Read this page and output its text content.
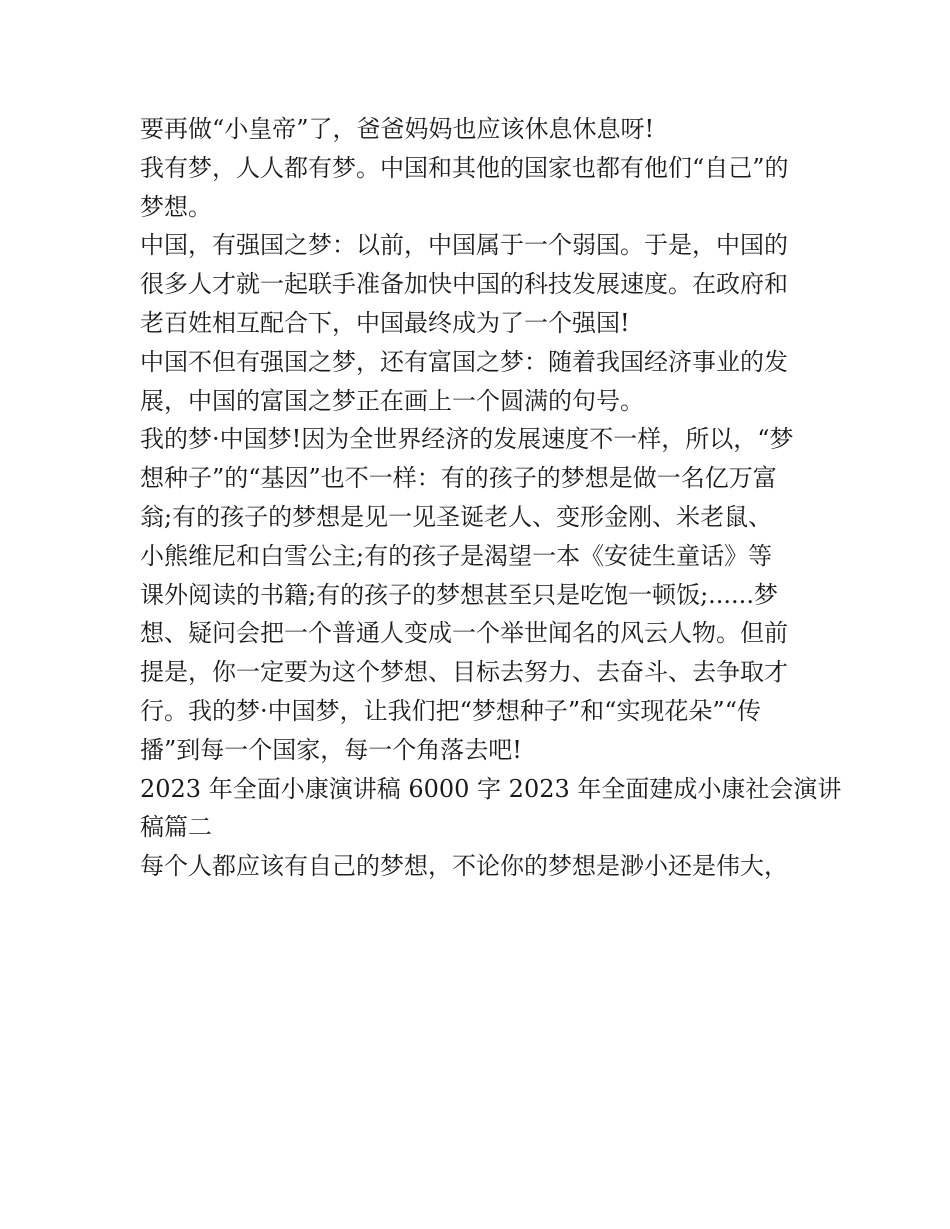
要再做“小皇帝”了，爸爸妈妈也应该休息休息呀!
我有梦，人人都有梦。中国和其他的国家也都有他们“自己”的
梦想。
中国，有强国之梦：以前，中国属于一个弱国。于是，中国的
很多人才就一起联手准备加快中国的科技发展速度。在政府和
老百姓相互配合下，中国最终成为了一个强国!
中国不但有强国之梦，还有富国之梦：随着我国经济事业的发
展，中国的富国之梦正在画上一个圆满的句号。
我的梦·中国梦!因为全世界经济的发展速度不一样，所以，“梦
想种子”的“基因”也不一样：有的孩子的梦想是做一名亿万富
翁;有的孩子的梦想是见一见圣诞老人、变形金刚、米老鼠、
小熊维尼和白雪公主;有的孩子是渴望一本《安徒生童话》等
课外阅读的书籍;有的孩子的梦想甚至只是吃饱一顿饭;......梦
想、疑问会把一个普通人变成一个举世闻名的风云人物。但前
提是，你一定要为这个梦想、目标去努力、去奋斗、去争取才
行。我的梦·中国梦，让我们把“梦想种子”和“实现花朵”“传
播”到每一个国家，每一个角落去吧!
2023 年全面小康演讲稿 6000 字 2023 年全面建成小康社会演讲
稿篇二
每个人都应该有自己的梦想，不论你的梦想是渺小还是伟大，
